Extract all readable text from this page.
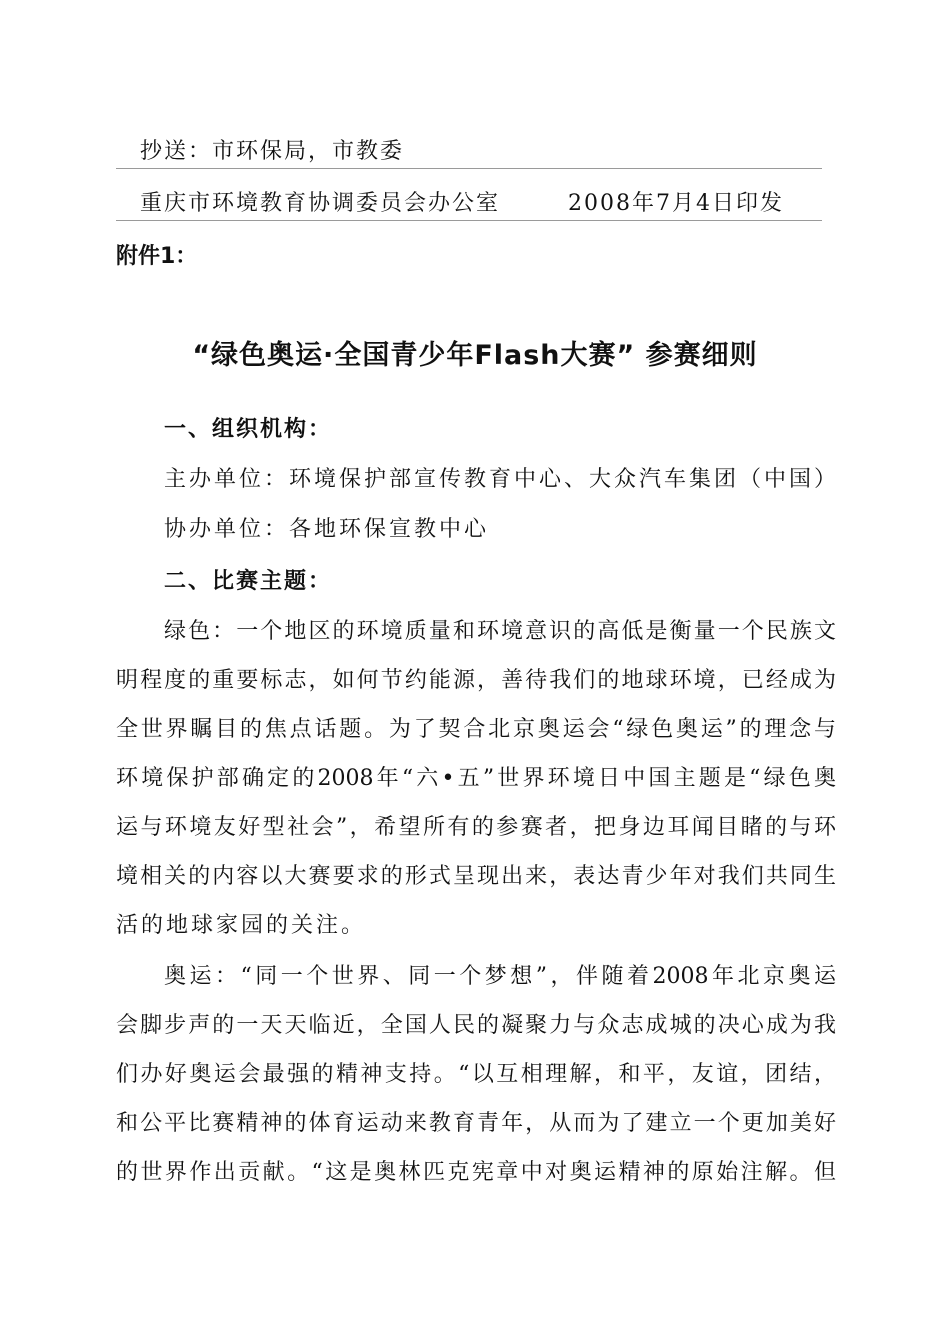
抄送：市环保局，市教委
重庆市环境教育协调委员会办公室	2008年7月4日印发
附件1：
“绿色奥运·全国青少年Flash大赛” 参赛细则
一、组织机构：
主办单位：环境保护部宣传教育中心、大众汽车集团（中国）
协办单位：各地环保宣教中心
二、比赛主题：
绿色：一个地区的环境质量和环境意识的高低是衡量一个民族文
明程度的重要标志，如何节约能源，善待我们的地球环境，已经成为
全世界瞩目的焦点话题。为了契合北京奥运会“绿色奥运”的理念与
环境保护部确定的2008年“六•五”世界环境日中国主题是“绿色奥
运与环境友好型社会”，希望所有的参赛者，把身边耳闻目睹的与环
境相关的内容以大赛要求的形式呈现出来，表达青少年对我们共同生
活的地球家园的关注。
奥运：“同一个世界、同一个梦想”，伴随着2008年北京奥运
会脚步声的一天天临近，全国人民的凝聚力与众志成城的决心成为我
们办好奥运会最强的精神支持。“以互相理解，和平，友谊，团结，
和公平比赛精神的体育运动来教育青年，从而为了建立一个更加美好
的世界作出贡献。“这是奥林匹克宪章中对奥运精神的原始注解。但
